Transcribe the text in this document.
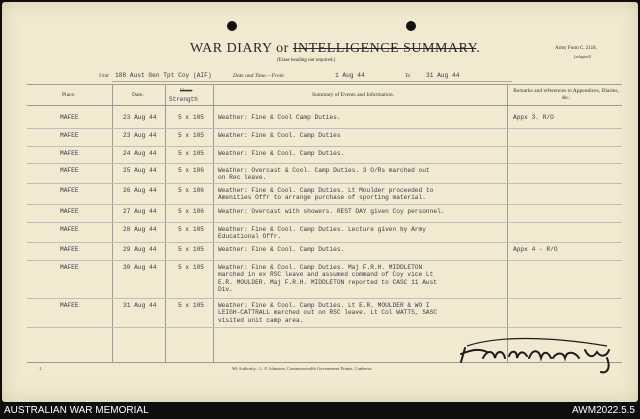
WAR DIARY or INTELLIGENCE SUMMARY.
(Erase heading not required.)
Army Form C. 2118.
(adapted)
Unit 188 Aust Gen Tpt Coy (AIF)	Date and Time.—From	1 Aug 44	To	31 Aug 44
Place.	Date.
Hour.
Strength
Summary of Events and Information.
Remarks and references to Appendices, Diaries, &c.
MAFEE	23 Aug 44	5 x 105 Weather: Fine & Cool Camp Duties.	Appx 3. R/O
MAFEE	23 Aug 44	5 x 105 Weather: Fine & Cool. Camp Duties
MAFEE	24 Aug 44	5 x 105 Weather: Fine & Cool. Camp Duties.
MAFEE	25 Aug 44	5 x 106 Weather: Overcast & Cool. Camp Duties. 3 O/Rs marched out
on Rec leave.
MAFEE	26 Aug 44	5 x 106 Weather: Fine & Cool. Camp Duties. Lt Moulder proceeded to
Amenities Offr to arrange purchase of sporting material.
MAFEE	27 Aug 44	5 x 106 Weather: Overcast with showers. REST DAY given Coy personnel.
MAFEE	28 Aug 44	5 x 105 Weather: Fine & Cool. Camp Duties. Lecture given by Army
Educational Offr.
MAFEE	29 Aug 44	5 x 105 Weather: Fine & Cool. Camp Duties.	Appx 4 - R/O
MAFEE	30 Aug 44	5 x 105 Weather: Fine & Cool. Camp Duties. Maj F.R.H. MIDDLETON
marched in ex RSC leave and assumed command of Coy vice Lt
E.R. MOULDER. Maj F.R.H. MIDDLETON reported to CASC 11 Aust
Div.
MAFEE	31 Aug 44	5 x 105 Weather: Fine & Cool. Camp Duties. Lt E.R. MOULDER & WO I
LEIGH-CATTRALL marched out on RSC leave. Lt Col WATTS, SASC
visited unit camp area.
Wt Authority : L. F. Johnston, Commonwealth Government Printer, Canberra.
.1.
AUSTRALIAN WAR MEMORIAL	AWM2022.5.5
